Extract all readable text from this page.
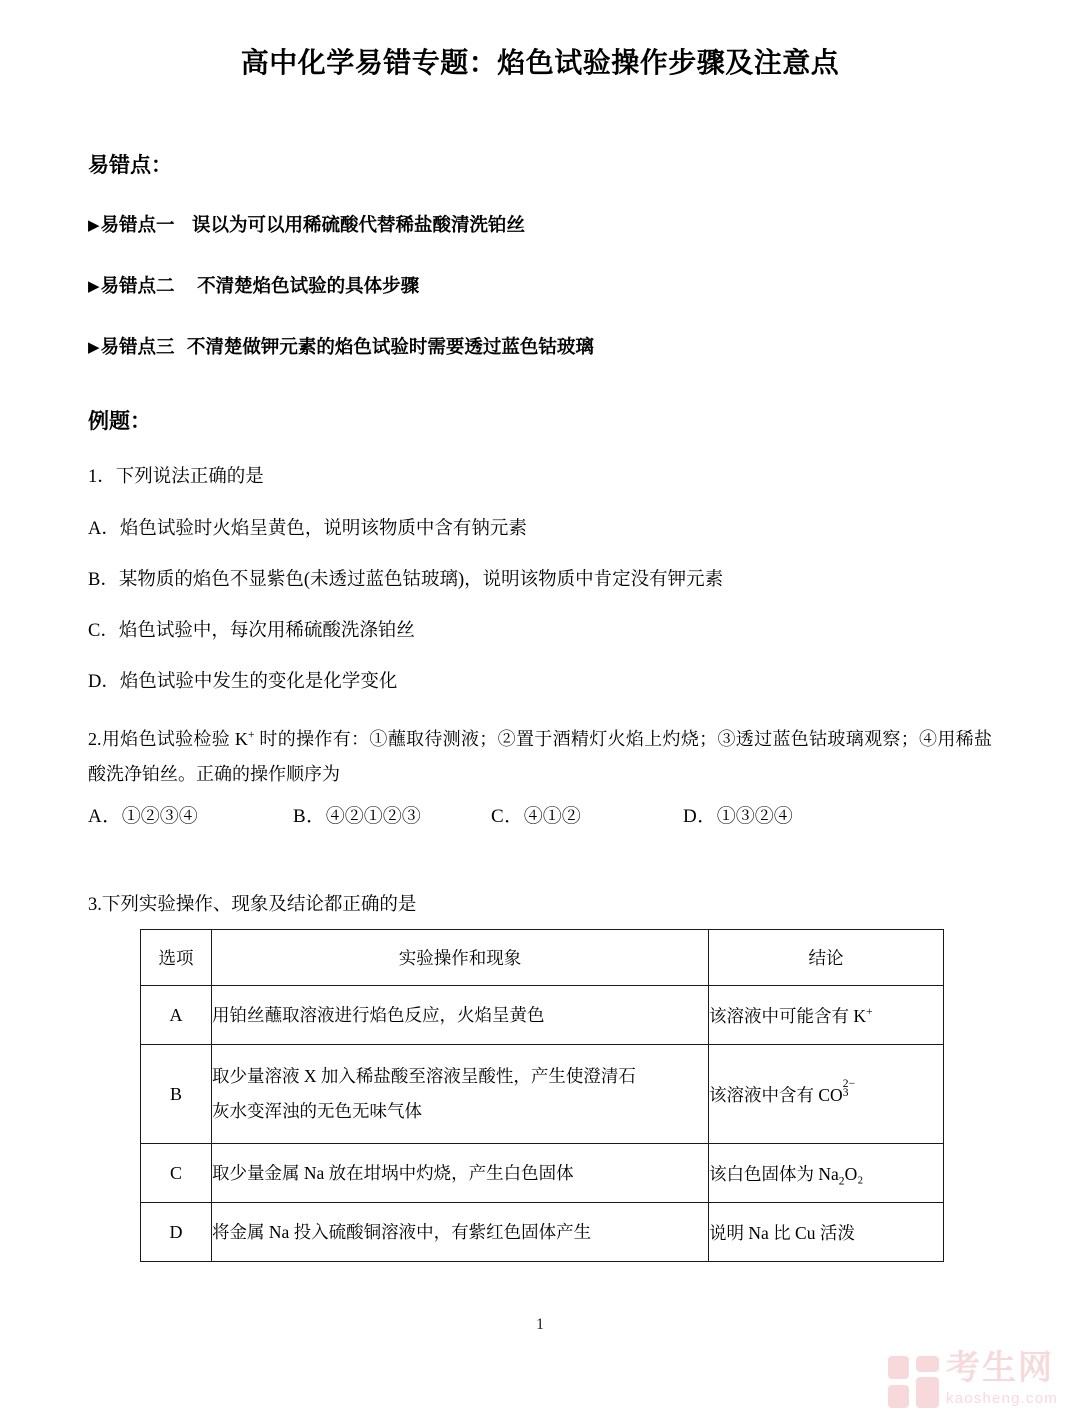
高中化学易错专题：焰色试验操作步骤及注意点
易错点：
▶易错点一 误以为可以用稀硫酸代替稀盐酸清洗铂丝
▶易错点二 不清楚焰色试验的具体步骤
▶易错点三 不清楚做钾元素的焰色试验时需要透过蓝色钴玻璃
例题：
1．下列说法正确的是
A．焰色试验时火焰呈黄色，说明该物质中含有钠元素
B．某物质的焰色不显紫色(未透过蓝色钴玻璃)，说明该物质中肯定没有钾元素
C．焰色试验中，每次用稀硫酸洗涤铂丝
D．焰色试验中发生的变化是化学变化

2.用焰色试验检验 K+ 时的操作有：①蘸取待测液；②置于酒精灯火焰上灼烧；③透过蓝色钴玻璃观察；④用稀盐酸洗净铂丝。正确的操作顺序为

A．①②③④	B．④②①②③	C．④①②	D．①③②④
3.下列实验操作、现象及结论都正确的是
选项	实验操作和现象	结论
A	用铂丝蘸取溶液进行焰色反应，火焰呈黄色	该溶液中可能含有 K+
B	取少量溶液 X 加入稀盐酸至溶液呈酸性，产生使澄清石
灰水变浑浊的无色无味气体	该溶液中含有 CO
2−
3

C	取少量金属 Na 放在坩埚中灼烧，产生白色固体	该白色固体为 $Na_2O_2$
D	将金属 Na 投入硫酸铜溶液中，有紫红色固体产生	说明 Na 比 Cu 活泼
1
考生网
kaosheng.com
